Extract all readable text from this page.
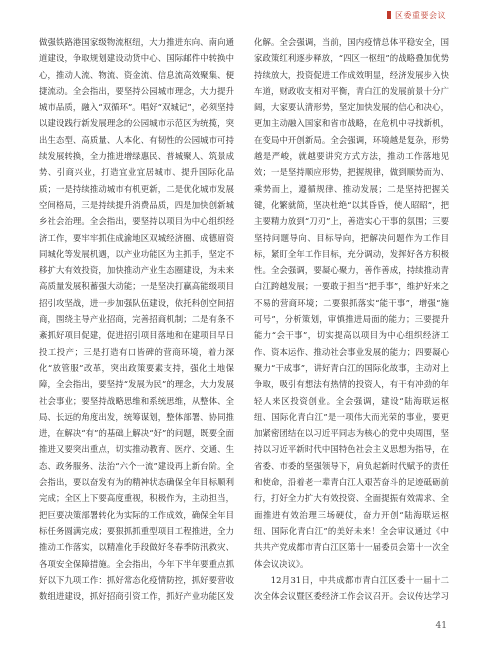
区委重要会议

做强铁路港国家级物流枢纽，大力推进东向、南向通道建设，争取规划建设动货中心、国际邮件中转换中心，推动人流、物流、资金流、信息流高效聚集、便捷流动。全会指出，要坚持公园城市理念，大力提升城市品质，融入“双循环”。唱好“双城记”，必须坚持以建设践行新发展理念的公园城市示范区为统揽，突出生态型、高质量、人本化、有韧性的公园城市可持续发展转换，全力推进增绿惠民、普城聚人、筑景成势、引商兴业，打造宜业宜居城市、提升国际化品质；一是持续推动城市有机更新，二是优化城市发展空间格局，三是持续提升消费品质，四是加快创新城乡社会治理。全会指出，要坚持以项目为中心组织经济工作，要牢牢抓住成渝地区双城经济圈、成德眉资同城化等发展机遇，以产业功能区为主抓手，坚定不移扩大有效投资，加快推动产业生态圈建设，为未来高质量发展积蓄强大动能；一是坚决打赢高能级项目招引攻坚战，进一步加强队伍建设，依托科创空间招商，围绕主导产业招商，完善招商机制；二是有条不紊抓好项目促建，促进招引项目落地和在建项目早日投工投产；三是打造有口皆碑的营商环境，着力深化“放管服”改革，突出政策要素支持，强化土地保障，全会指出，要坚持“发展为民”的理念，大力发展社会事业；要坚持战略思维和系统思维，从整体、全局、长远的角度出发，统筹谋划，整体部署、协同推进，在解决“有”的基础上解决“好”的问题，既要全面推进又要突出重点，切实推动教育、医疗、交通、生态、政务服务、法治“六个一流”建设再上新台阶。全会指出，要以奋发有为的精神状态确保全年目标顺利完成；全区上下要高度重视，积极作为，主动担当，把巨要决策部署转化为实际的工作成效，确保全年目标任务圆满完成；要狠抓抓重型项目工程推进，全力推动工作落实，以精准化手段做好冬春季防汛救灾、各项安全保障措施。全会指出，今年下半年要重点抓好以下九项工作：抓好常态化疫情防控，抓好要营收数组进建设，抓好招商引资工作，抓好产业功能区发

化解。全会强调，当前，国内疫情总体平稳安全，国家政策红利逐步释放，“四区一枢纽”的战略叠加优势持续放大，投资促进工作成效明显，经济发展步入快车道，财政收支相对平衡，青白江的发展前景十分广阔，大家要认清形势，坚定加快发展的信心和决心，更加主动融入国家和省市战略，在危机中寻找新机，在变局中开创新局。全会强调，环境越是复杂，形势越是严峻，就越要讲究方式方法，推动工作落地见效；一是坚持顺应形势，把握规律，做到顺势而为、乘势而上，遵循规律、推动发展；二是坚持把握关键，化繁就简，坚决杜绝“以其昏昏，使人昭昭”，把主要精力放到“刀刃”上，善造实心干事的氛围；三要坚持问题导向、目标导向，把解决问题作为工作目标，紧盯全年工作目标，充分调动，发挥好各方积极性。全会强调，要凝心聚力，善作善成，持续推动青白江跨越发展；一要敢于担当“把手事”，维护好来之不易的营商环境；二要狠抓落实“能干事”，增强“施可号”，分析策划，审慎推进局面的能力；三要提升能力“会干事”，切实提高以项目为中心组织经济工作、资本运作、推动社会事业发展的能力；四要凝心聚力“干成事”，讲好青白江的国际化故事，主动对上争取，吸引有想法有热情的投资人，有干有冲劲的年轻人来区投资创业。全会强调，建设“陆海联运枢纽、国际化青白江”是一项伟大而光荣的事业，要更加紧密团结在以习近平同志为核心的党中央周围，坚持以习近平新时代中国特色社会主义思想为指导，在省委、市委的坚强领导下，肩负起新时代赋予的责任和使命，沿着老一辈青白江人艰苦奋斗的足迹砥砺前行，打好全力扩大有效投资、全面提振有效需求、全面推进有效治理三场硬仗，奋力开创“陆海联运枢纽、国际化青白江”的美好未来！全会审议通过《中共共产党成都市青白江区第十一届委员会第十一次全体会议决议》。

12月31日，中共成都市青白江区委十一届十二次全体会议暨区委经济工作会议召开。会议传达学习

41
